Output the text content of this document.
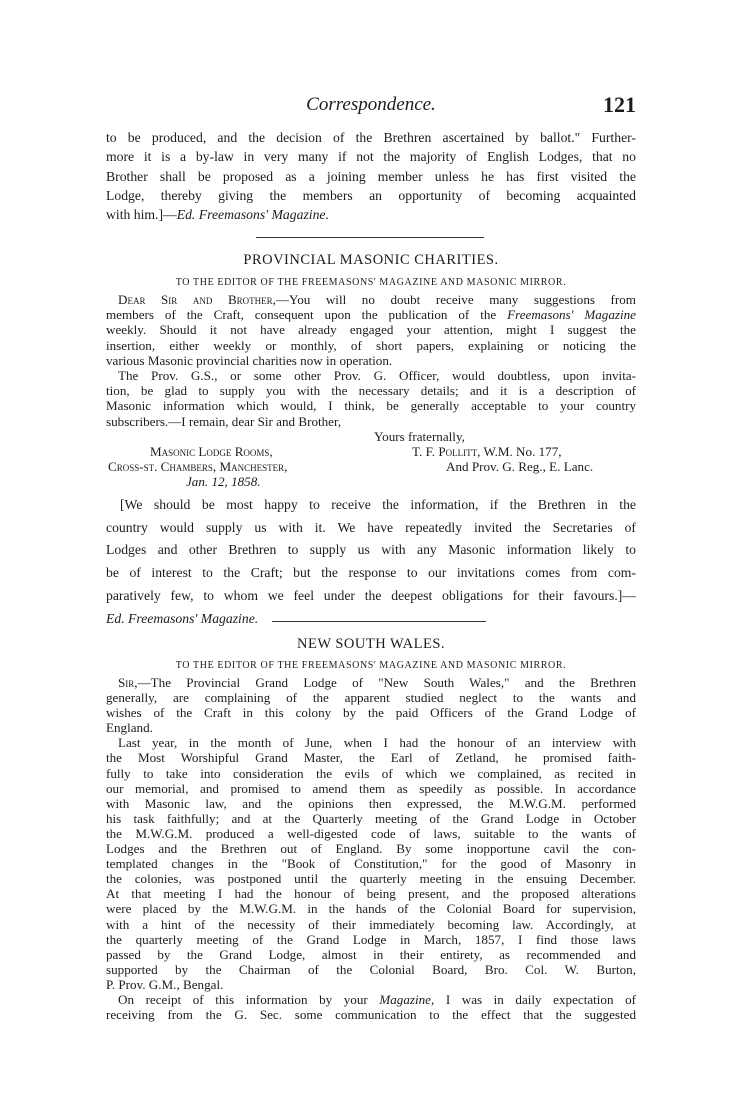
Correspondence.	121

to be produced, and the decision of the Brethren ascertained by ballot." Further-

more it is a by-law in very many if not the majority of English Lodges, that no

Brother shall be proposed as a joining member unless he has first visited the

Lodge, thereby giving the members an opportunity of becoming acquainted

with him.]—Ed. Freemasons' Magazine.

PROVINCIAL MASONIC CHARITIES.
TO THE EDITOR OF THE FREEMASONS' MAGAZINE AND MASONIC MIRROR.

Dear Sir and Brother,—You will no doubt receive many suggestions from

members of the Craft, consequent upon the publication of the Freemasons' Magazine

weekly. Should it not have already engaged your attention, might I suggest the

insertion, either weekly or monthly, of short papers, explaining or noticing the

various Masonic provincial charities now in operation.

The Prov. G.S., or some other Prov. G. Officer, would doubtless, upon invita-

tion, be glad to supply you with the necessary details; and it is a description of

Masonic information which would, I think, be generally acceptable to your country

subscribers.—I remain, dear Sir and Brother,

Yours fraternally,
Masonic Lodge Rooms,	T. F. Pollitt, W.M. No. 177,
Cross-st. Chambers, Manchester,	And Prov. G. Reg., E. Lanc.
Jan. 12, 1858.

[We should be most happy to receive the information, if the Brethren in the

country would supply us with it. We have repeatedly invited the Secretaries of

Lodges and other Brethren to supply us with any Masonic information likely to

be of interest to the Craft; but the response to our invitations comes from com-

paratively few, to whom we feel under the deepest obligations for their favours.]—

Ed. Freemasons' Magazine.

NEW SOUTH WALES.
TO THE EDITOR OF THE FREEMASONS' MAGAZINE AND MASONIC MIRROR.

Sir,—The Provincial Grand Lodge of "New South Wales," and the Brethren

generally, are complaining of the apparent studied neglect to the wants and

wishes of the Craft in this colony by the paid Officers of the Grand Lodge of

England.

Last year, in the month of June, when I had the honour of an interview with

the Most Worshipful Grand Master, the Earl of Zetland, he promised faith-

fully to take into consideration the evils of which we complained, as recited in

our memorial, and promised to amend them as speedily as possible. In accordance

with Masonic law, and the opinions then expressed, the M.W.G.M. performed

his task faithfully; and at the Quarterly meeting of the Grand Lodge in October

the M.W.G.M. produced a well-digested code of laws, suitable to the wants of

Lodges and the Brethren out of England. By some inopportune cavil the con-

templated changes in the "Book of Constitution," for the good of Masonry in

the colonies, was postponed until the quarterly meeting in the ensuing December.

At that meeting I had the honour of being present, and the proposed alterations

were placed by the M.W.G.M. in the hands of the Colonial Board for supervision,

with a hint of the necessity of their immediately becoming law. Accordingly, at

the quarterly meeting of the Grand Lodge in March, 1857, I find those laws

passed by the Grand Lodge, almost in their entirety, as recommended and

supported by the Chairman of the Colonial Board, Bro. Col. W. Burton,

P. Prov. G.M., Bengal.

On receipt of this information by your Magazine, I was in daily expectation of

receiving from the G. Sec. some communication to the effect that the suggested
